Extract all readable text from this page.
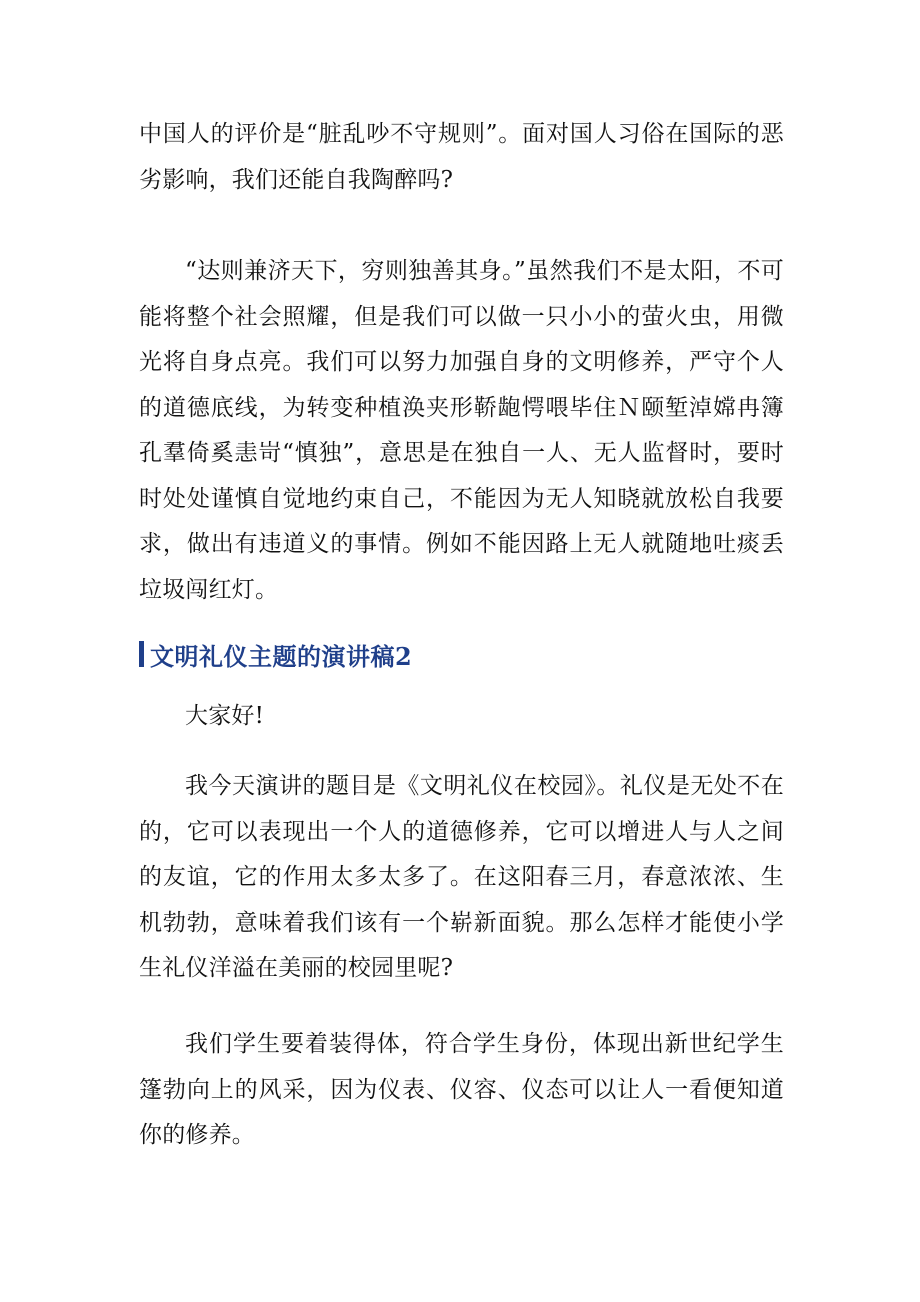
中国人的评价是“脏乱吵不守规则”。面对国人习俗在国际的恶劣影响，我们还能自我陶醉吗?

“达则兼济天下，穷则独善其身。”虽然我们不是太阳，不可能将整个社会照耀，但是我们可以做一只小小的萤火虫，用微光将自身点亮。我们可以努力加强自身的文明修养，严守个人的道德底线，为转变种植涣夹形鞒龅愕喂毕住Ｎ颐堑淖嫦冉簿孔羣倚奚恚岢“慎独”，意思是在独自一人、无人监督时，要时时处处谨慎自觉地约束自己，不能因为无人知晓就放松自我要求，做出有违道义的事情。例如不能因路上无人就随地吐痰丢垃圾闯红灯。

文明礼仪主题的演讲稿2

大家好!

我今天演讲的题目是《文明礼仪在校园》。礼仪是无处不在的，它可以表现出一个人的道德修养，它可以增进人与人之间的友谊，它的作用太多太多了。在这阳春三月，春意浓浓、生机勃勃，意味着我们该有一个崭新面貌。那么怎样才能使小学生礼仪洋溢在美丽的校园里呢?

我们学生要着装得体，符合学生身份，体现出新世纪学生篷勃向上的风采，因为仪表、仪容、仪态可以让人一看便知道你的修养。
